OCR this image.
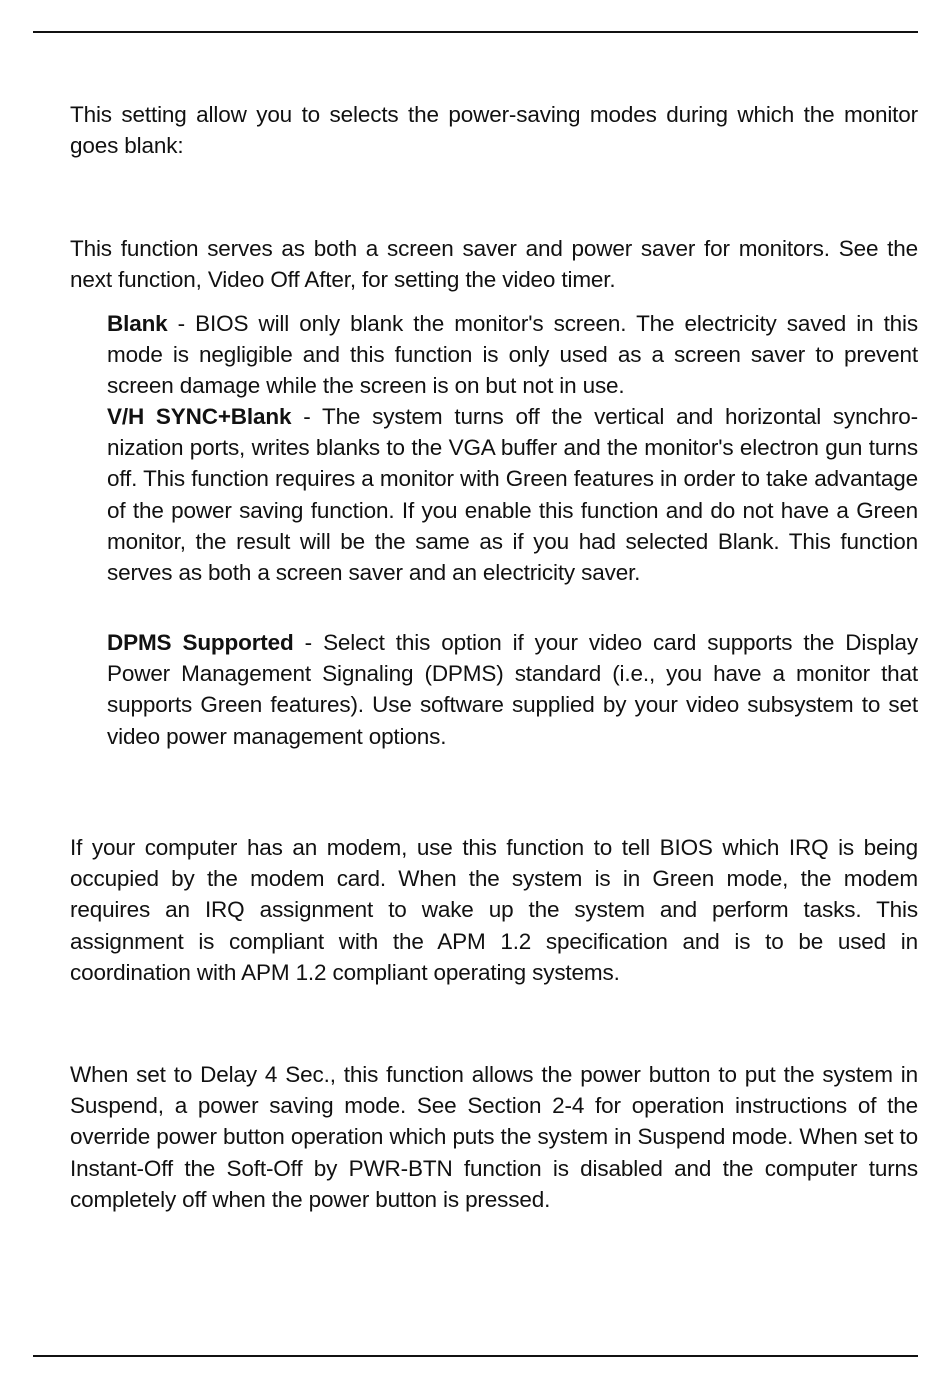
This setting allow you to selects the power-saving modes during which the monitor goes blank:

This function serves as both a screen saver and power saver for monitors. See the next function, Video Off After, for setting the video timer.

Blank - BIOS will only blank the monitor's screen. The electricity saved in this mode is negligible and this function is only used as a screen saver to prevent screen damage while the screen is on but not in use.

V/H SYNC+Blank - The system turns off the vertical and horizontal synchro-nization ports, writes blanks to the VGA buffer and the monitor's electron gun turns off. This function requires a monitor with Green features in order to take advantage of the power saving function. If you enable this function and do not have a Green monitor, the result will be the same as if you had selected Blank. This function serves as both a screen saver and an electricity saver.

DPMS Supported - Select this option if your video card supports the Display Power Management Signaling (DPMS) standard (i.e., you have a monitor that supports Green features). Use software supplied by your video subsystem to set video power management options.

If your computer has an modem, use this function to tell BIOS which IRQ is being occupied by the modem card. When the system is in Green mode, the modem requires an IRQ assignment to wake up the system and perform tasks. This assignment is compliant with the APM 1.2 specification and is to be used in coordination with APM 1.2 compliant operating systems.

When set to Delay 4 Sec., this function allows the power button to put the system in Suspend, a power saving mode. See Section 2-4 for operation instructions of the override power button operation which puts the system in Suspend mode. When set to Instant-Off the Soft-Off by PWR-BTN function is disabled and the computer turns completely off when the power button is pressed.
